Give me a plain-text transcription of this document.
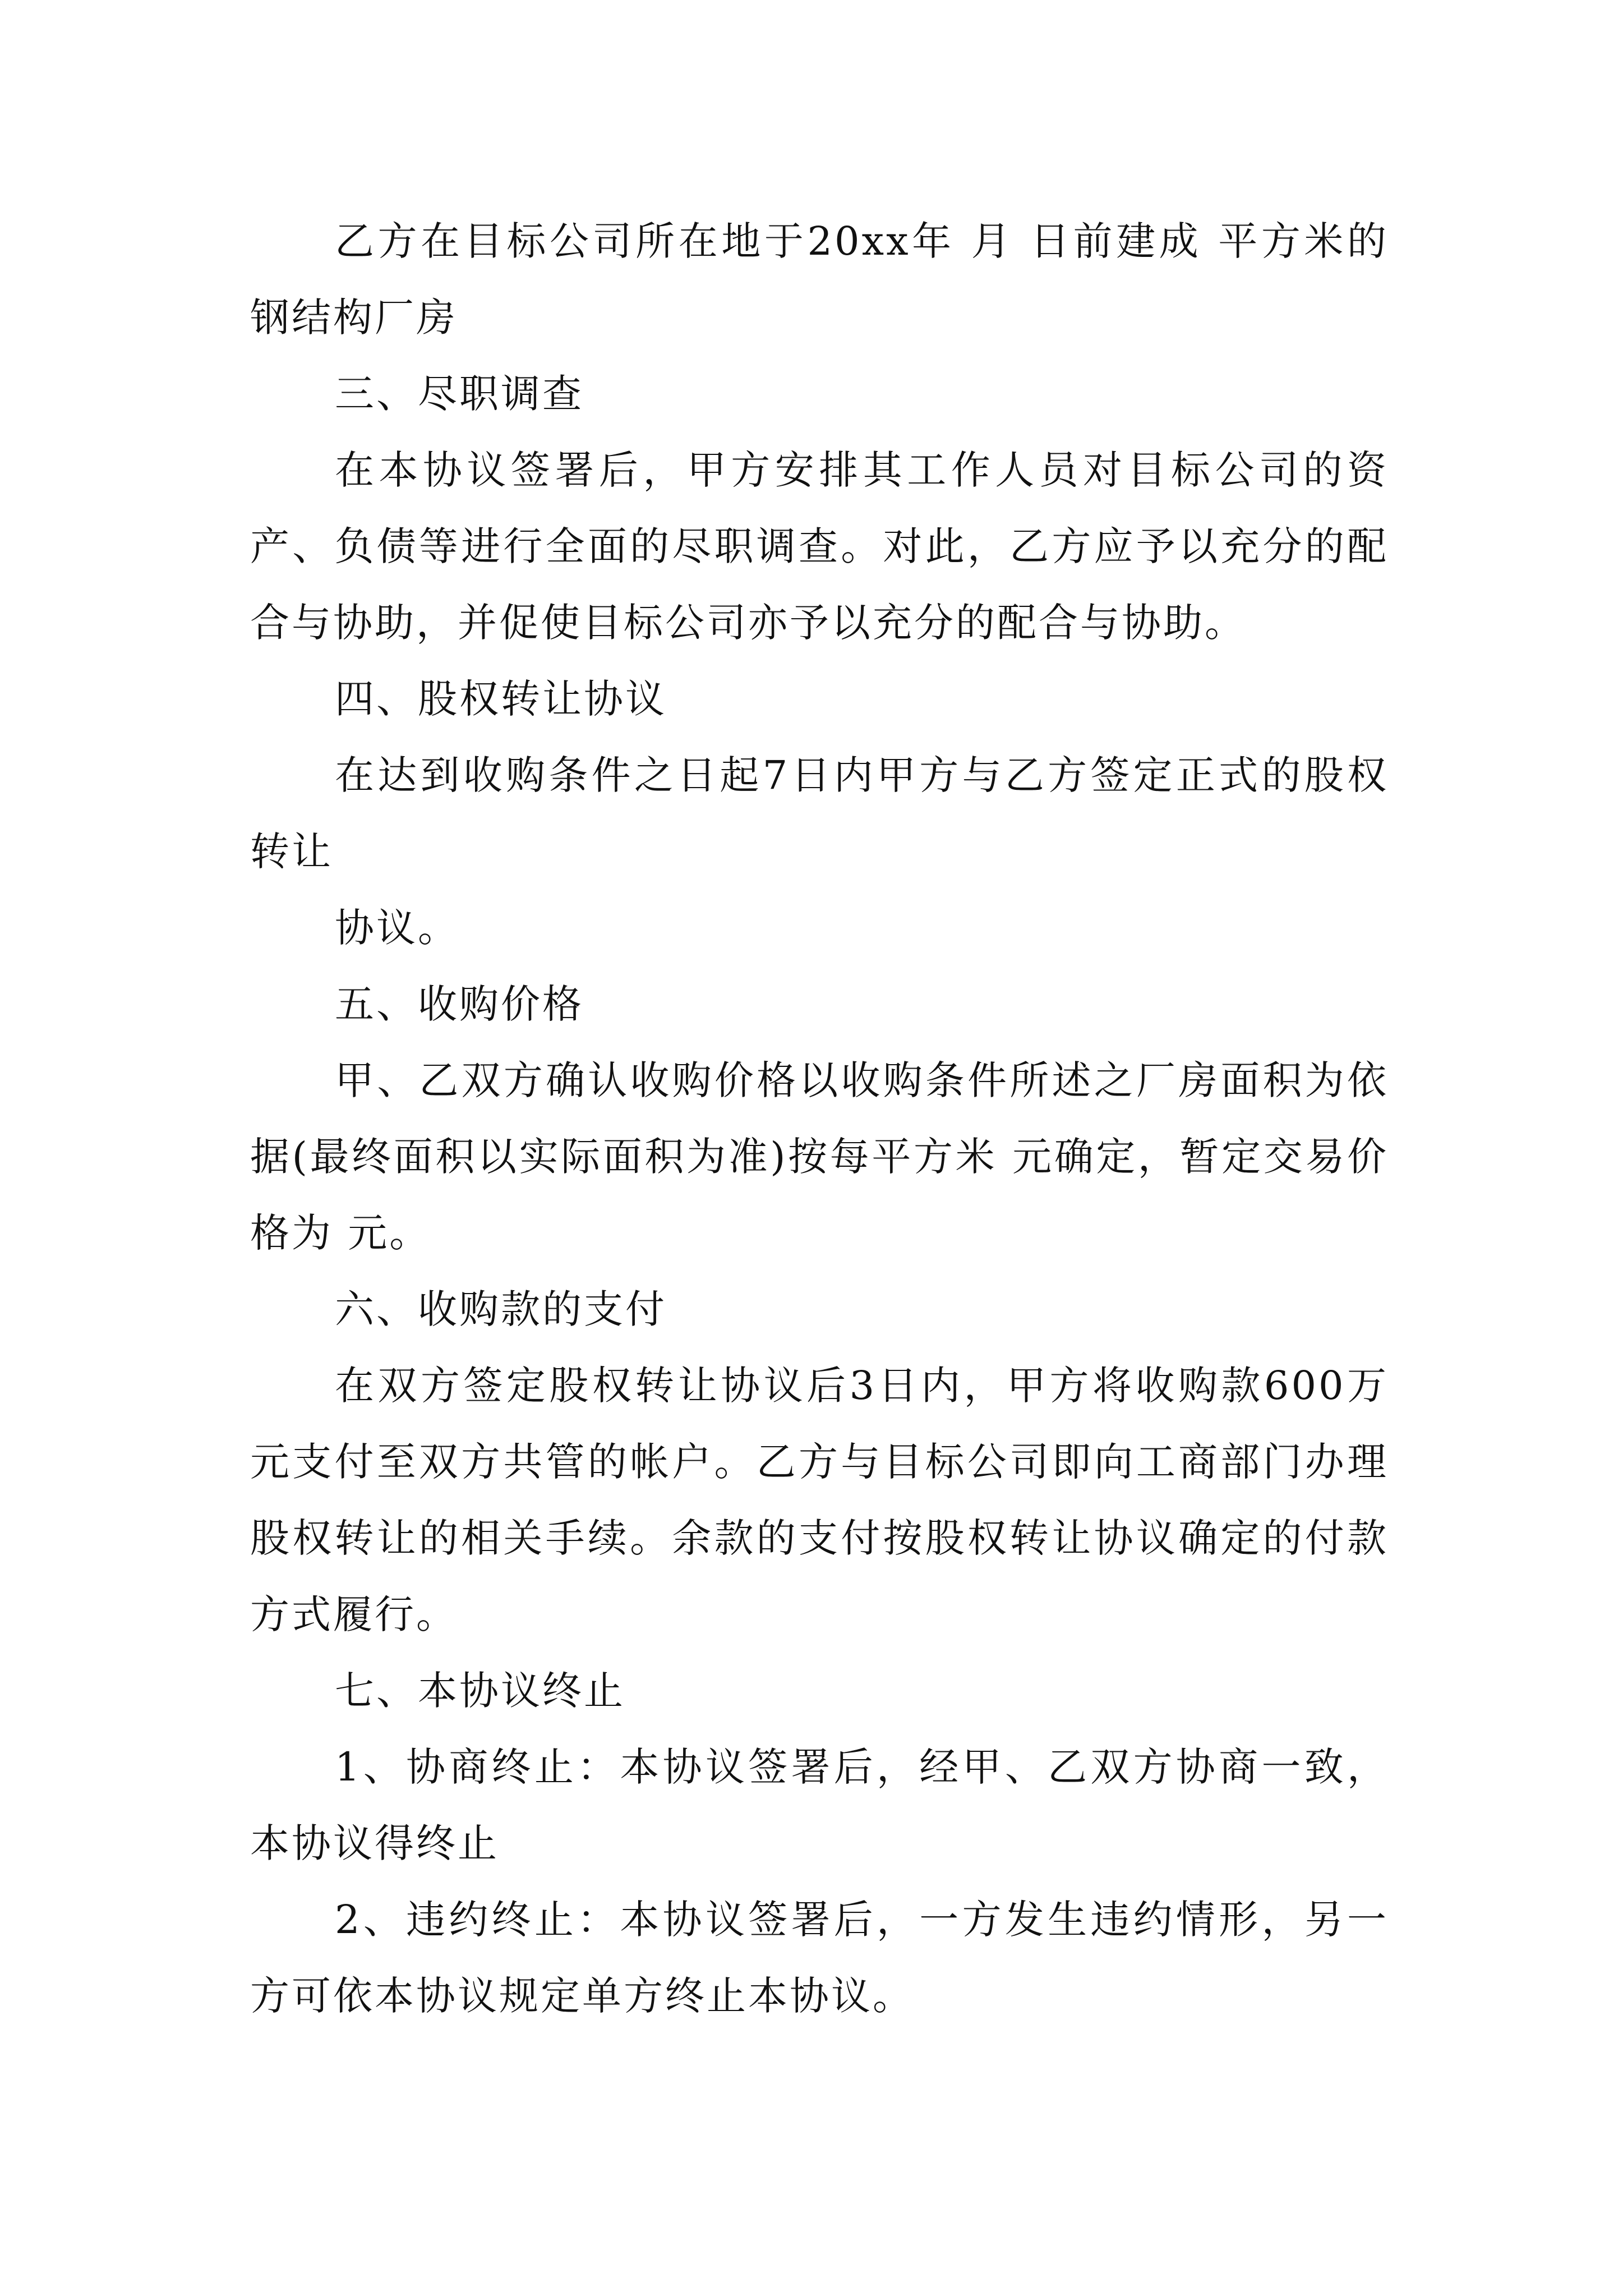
乙方在目标公司所在地于20xx年 月 日前建成 平方米的钢结构厂房

三、尽职调查

在本协议签署后，甲方安排其工作人员对目标公司的资产、负债等进行全面的尽职调查。对此，乙方应予以充分的配合与协助，并促使目标公司亦予以充分的配合与协助。

四、股权转让协议

在达到收购条件之日起7日内甲方与乙方签定正式的股权转让

协议。

五、收购价格

甲、乙双方确认收购价格以收购条件所述之厂房面积为依据(最终面积以实际面积为准)按每平方米 元确定，暂定交易价格为 元。

六、收购款的支付

在双方签定股权转让协议后3日内，甲方将收购款600万元支付至双方共管的帐户。乙方与目标公司即向工商部门办理股权转让的相关手续。余款的支付按股权转让协议确定的付款方式履行。

七、本协议终止

1、协商终止：本协议签署后，经甲、乙双方协商一致，本协议得终止

2、违约终止：本协议签署后，一方发生违约情形，另一方可依本协议规定单方终止本协议。
